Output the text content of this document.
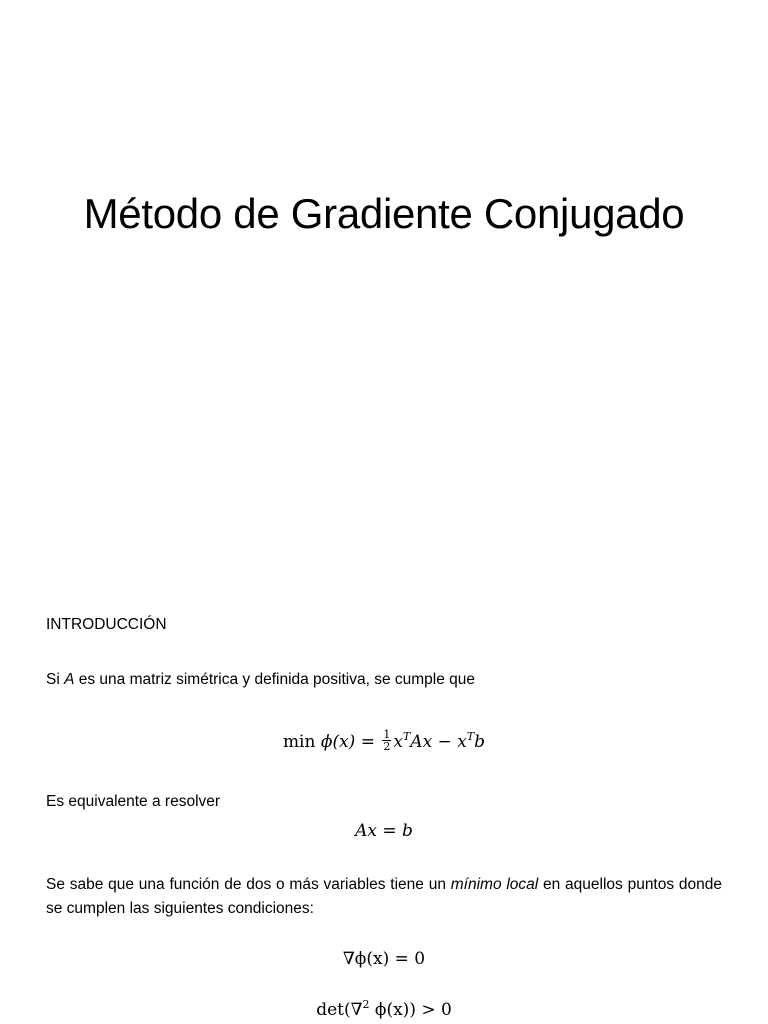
Método de Gradiente Conjugado
INTRODUCCIÓN
Si A es una matriz simétrica y definida positiva, se cumple que
$\min \phi(x) = \frac{1}{2} x^TAx - x^Tb$
Es equivalente a resolver
Ax = b
Se sabe que una función de dos o más variables tiene un mínimo local en aquellos puntos donde se cumplen las siguientes condiciones:
∇ϕ(x) = 0
det(∇$^2$ ϕ(x)) > 0
